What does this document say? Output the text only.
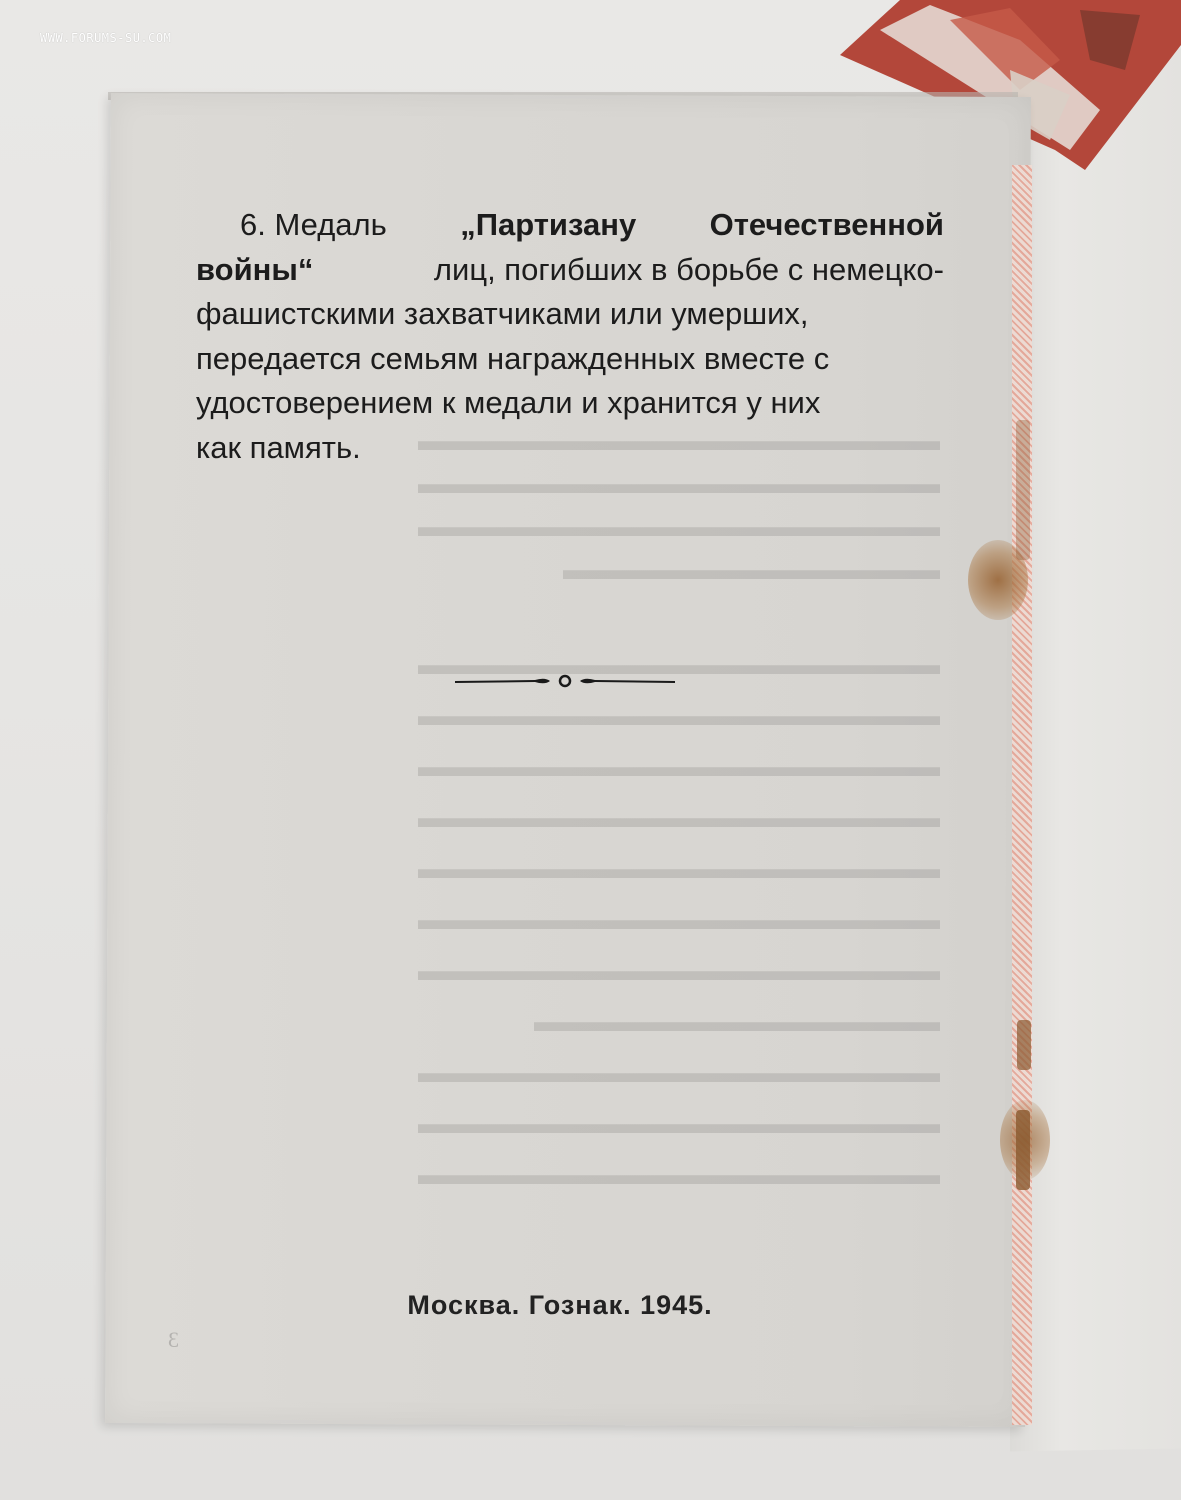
▬▬▬▬▬▬▬▬▬▬▬▬▬▬▬▬▬▬
▬▬▬▬▬▬▬▬▬▬▬▬▬▬▬▬▬▬
▬▬▬▬▬▬▬▬▬▬▬▬▬▬▬▬▬▬
▬▬▬▬▬▬▬▬▬▬▬▬▬
▬▬▬▬▬▬▬▬▬▬▬▬▬▬▬▬▬▬
▬▬▬▬▬▬▬▬▬▬▬▬▬▬▬▬▬▬
▬▬▬▬▬▬▬▬▬▬▬▬▬▬▬▬▬▬
▬▬▬▬▬▬▬▬▬▬▬▬▬▬▬▬▬▬
▬▬▬▬▬▬▬▬▬▬▬▬▬▬▬▬▬▬
▬▬▬▬▬▬▬▬▬▬▬▬▬▬▬▬▬▬
▬▬▬▬▬▬▬▬▬▬▬▬▬▬▬▬▬▬
▬▬▬▬▬▬▬▬▬▬▬▬▬▬
▬▬▬▬▬▬▬▬▬▬▬▬▬▬▬▬▬▬
▬▬▬▬▬▬▬▬▬▬▬▬▬▬▬▬▬▬
▬▬▬▬▬▬▬▬▬▬▬▬▬▬▬▬▬▬
WWW.FORUMS-SU.COM
6. Медаль „Партизану Отечественной
войны“	лиц, погибших в борьбе с немецко-
фашистскими захватчиками или умерших,
передается семьям награжденных вместе с
удостоверением к медали и хранится у них
как память.
Москва. Гознак. 1945.
3
